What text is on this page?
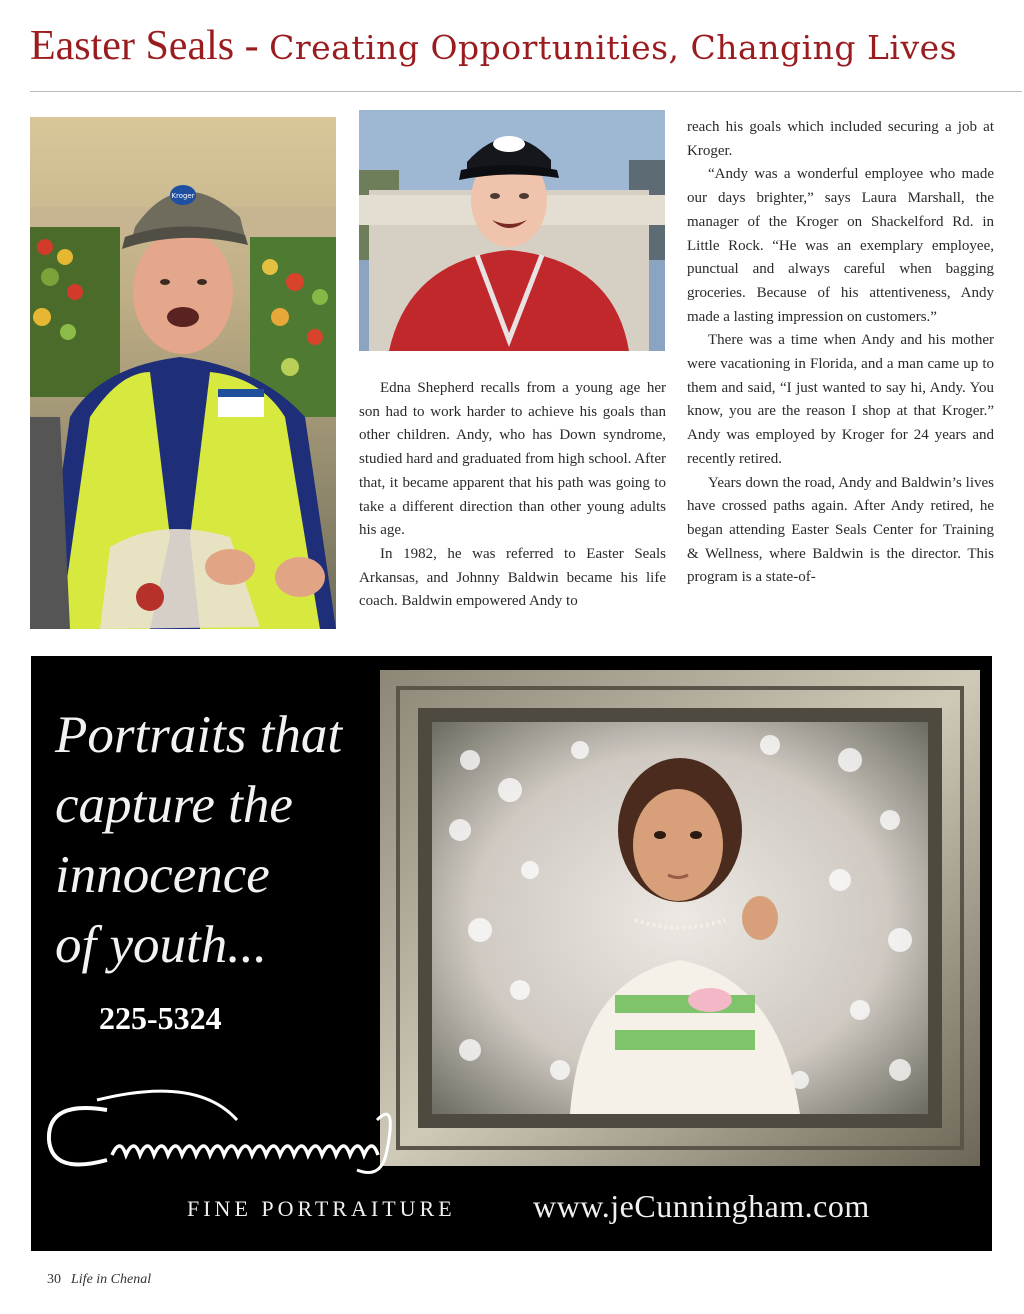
Easter Seals - Creating Opportunities, Changing Lives
Kroger

Edna Shepherd recalls from a young age her son had to work harder to achieve his goals than other children. Andy, who has Down syndrome, studied hard and graduated from high school. After that, it became apparent that his path was going to take a different direction than other young adults his age.

In 1982, he was referred to Easter Seals Arkansas, and Johnny Baldwin became his life coach. Baldwin empowered Andy to

reach his goals which included securing a job at Kroger.

“Andy was a wonderful employee who made our days brighter,” says Laura Marshall, the manager of the Kroger on Shackelford Rd. in Little Rock. “He was an exemplary employee, punctual and always careful when bagging groceries. Because of his attentiveness, Andy made a lasting impression on customers.”

There was a time when Andy and his mother were vacationing in Florida, and a man came up to them and said, “I just wanted to say hi, Andy. You know, you are the reason I shop at that Kroger.” Andy was employed by Kroger for 24 years and recently retired.

Years down the road, Andy and Baldwin’s lives have crossed paths again. After Andy retired, he began attending Easter Seals Center for Training & Wellness, where Baldwin is the director. This program is a state-of-

Portraits that
capture the
innocence
of youth...
225-5324
FINE PORTRAITURE www.jeCunningham.com
30 Life in Chenal
